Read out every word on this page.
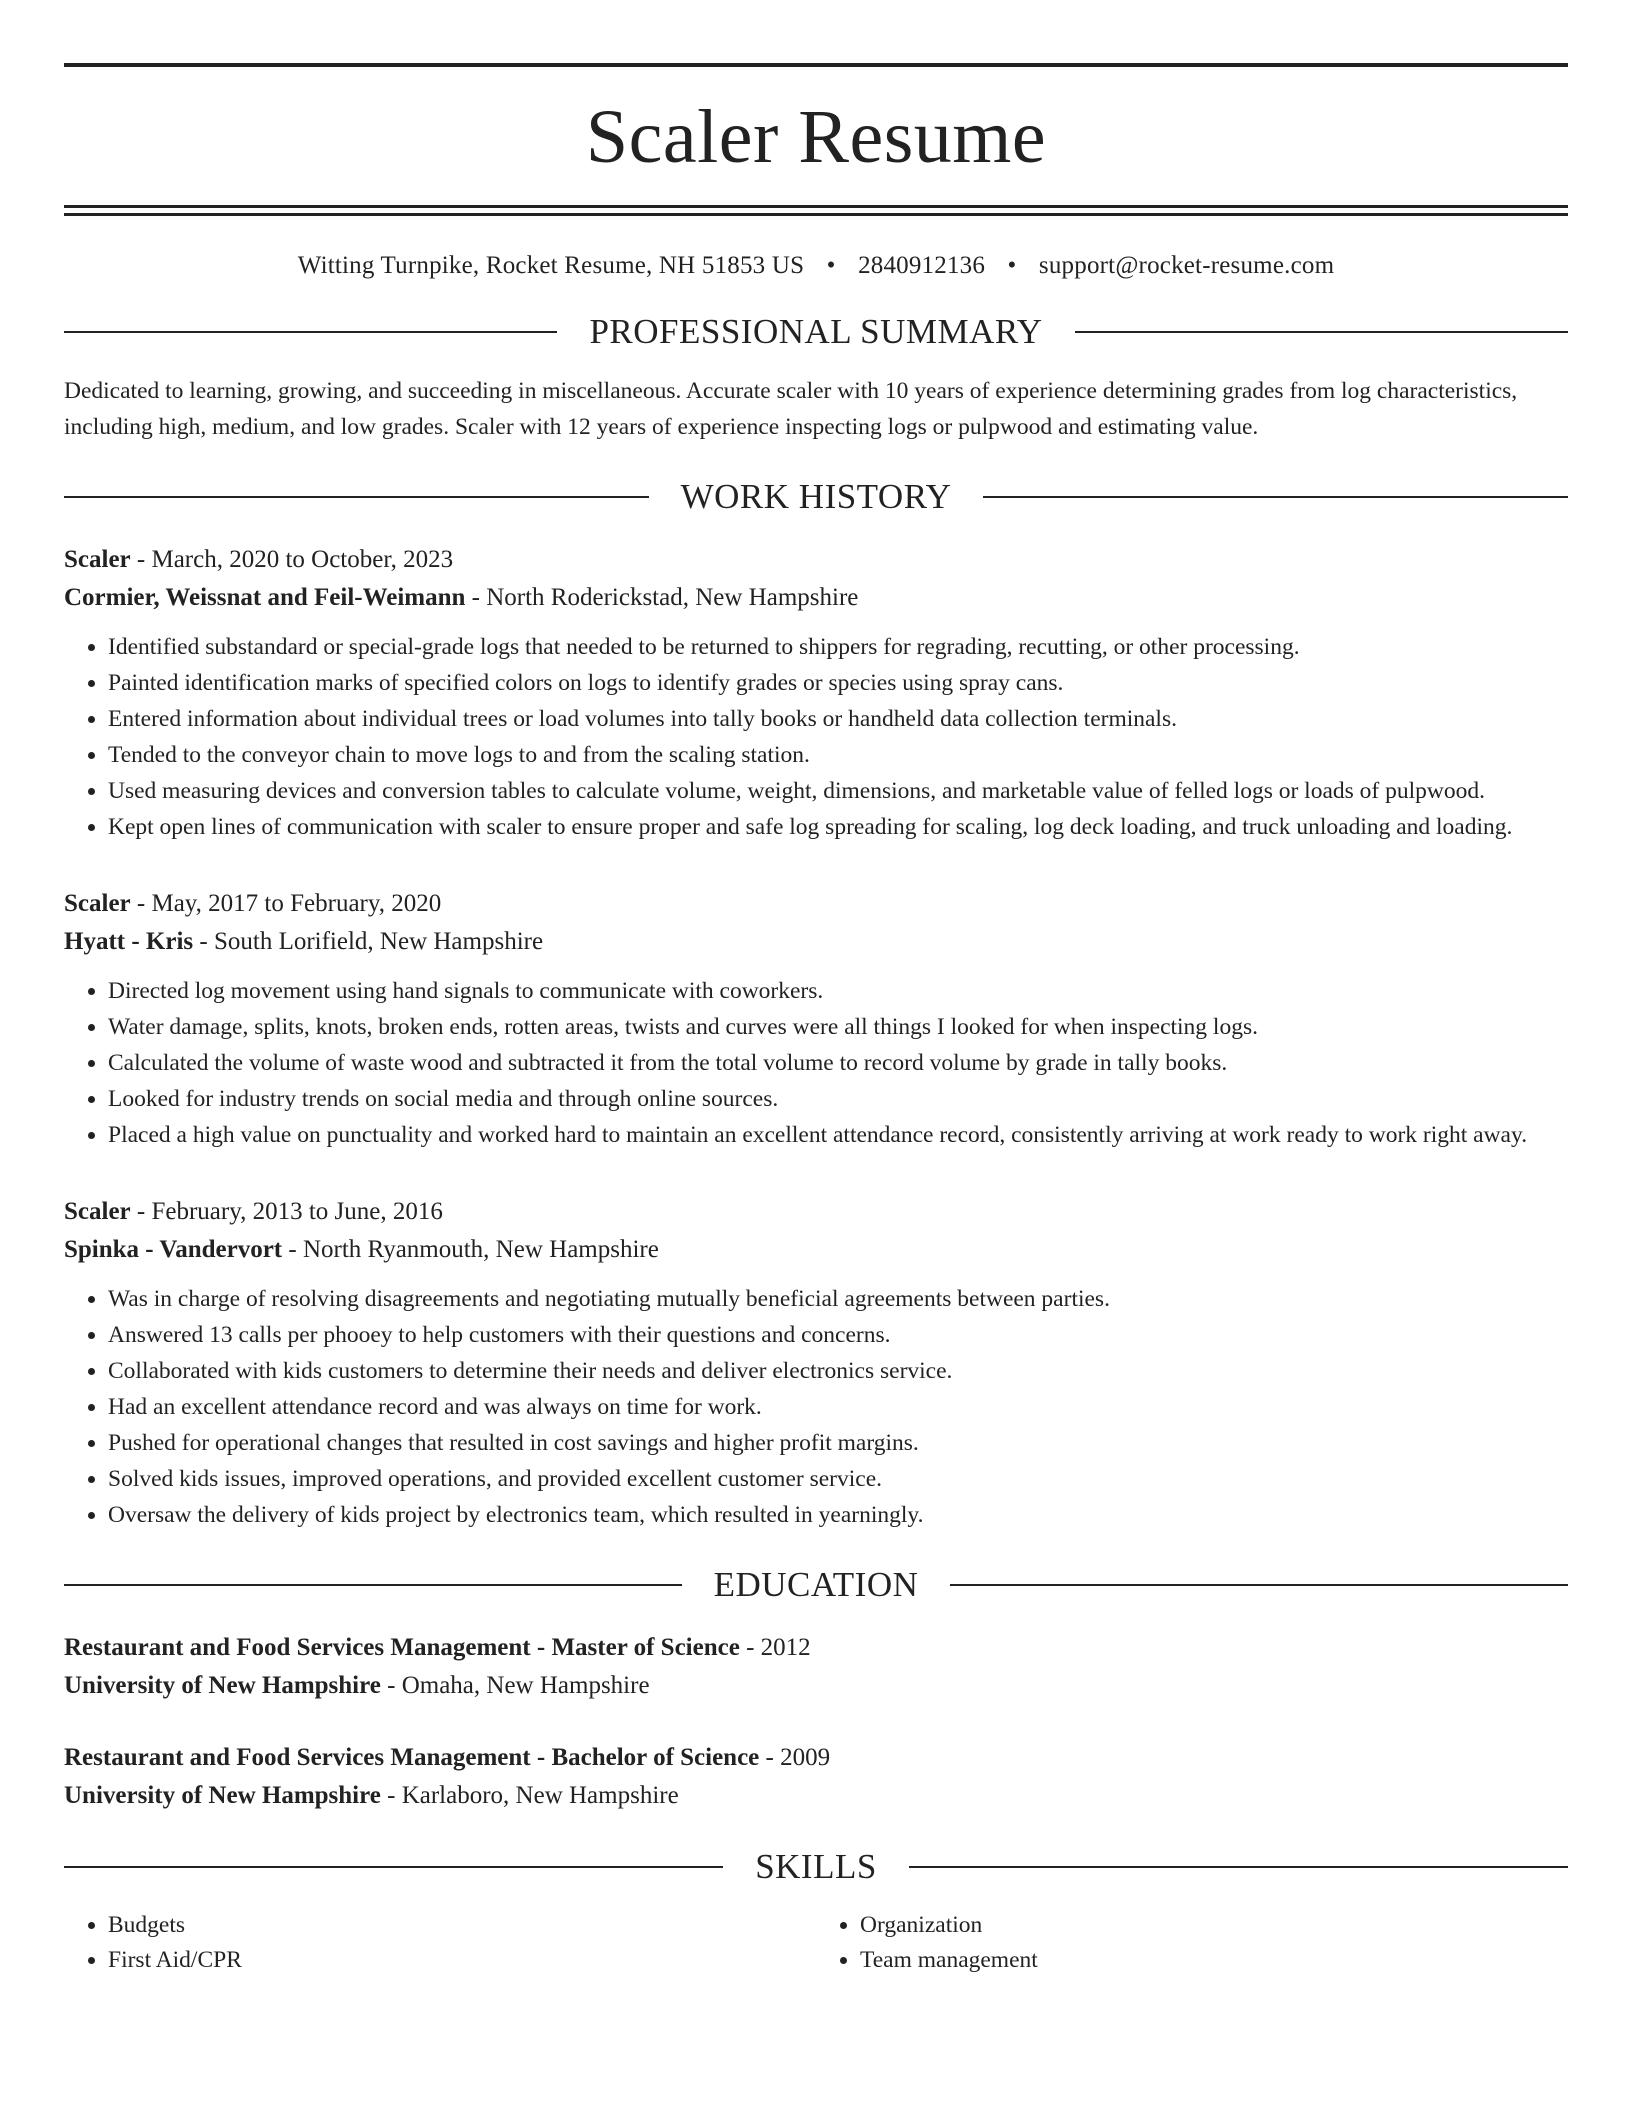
Scaler Resume
Witting Turnpike, Rocket Resume, NH 51853 US • 2840912136 • support@rocket-resume.com
PROFESSIONAL SUMMARY
Dedicated to learning, growing, and succeeding in miscellaneous. Accurate scaler with 10 years of experience determining grades from log characteristics, including high, medium, and low grades. Scaler with 12 years of experience inspecting logs or pulpwood and estimating value.
WORK HISTORY
Scaler - March, 2020 to October, 2023
Cormier, Weissnat and Feil-Weimann - North Roderickstad, New Hampshire
• Identified substandard or special-grade logs that needed to be returned to shippers for regrading, recutting, or other processing.
• Painted identification marks of specified colors on logs to identify grades or species using spray cans.
• Entered information about individual trees or load volumes into tally books or handheld data collection terminals.
• Tended to the conveyor chain to move logs to and from the scaling station.
• Used measuring devices and conversion tables to calculate volume, weight, dimensions, and marketable value of felled logs or loads of pulpwood.
• Kept open lines of communication with scaler to ensure proper and safe log spreading for scaling, log deck loading, and truck unloading and loading.
Scaler - May, 2017 to February, 2020
Hyatt - Kris - South Lorifield, New Hampshire
• Directed log movement using hand signals to communicate with coworkers.
• Water damage, splits, knots, broken ends, rotten areas, twists and curves were all things I looked for when inspecting logs.
• Calculated the volume of waste wood and subtracted it from the total volume to record volume by grade in tally books.
• Looked for industry trends on social media and through online sources.
• Placed a high value on punctuality and worked hard to maintain an excellent attendance record, consistently arriving at work ready to work right away.
Scaler - February, 2013 to June, 2016
Spinka - Vandervort - North Ryanmouth, New Hampshire
• Was in charge of resolving disagreements and negotiating mutually beneficial agreements between parties.
• Answered 13 calls per phooey to help customers with their questions and concerns.
• Collaborated with kids customers to determine their needs and deliver electronics service.
• Had an excellent attendance record and was always on time for work.
• Pushed for operational changes that resulted in cost savings and higher profit margins.
• Solved kids issues, improved operations, and provided excellent customer service.
• Oversaw the delivery of kids project by electronics team, which resulted in yearningly.
EDUCATION
Restaurant and Food Services Management - Master of Science - 2012
University of New Hampshire - Omaha, New Hampshire
Restaurant and Food Services Management - Bachelor of Science - 2009
University of New Hampshire - Karlaboro, New Hampshire
SKILLS
• Budgets
• First Aid/CPR
• Organization
• Team management
